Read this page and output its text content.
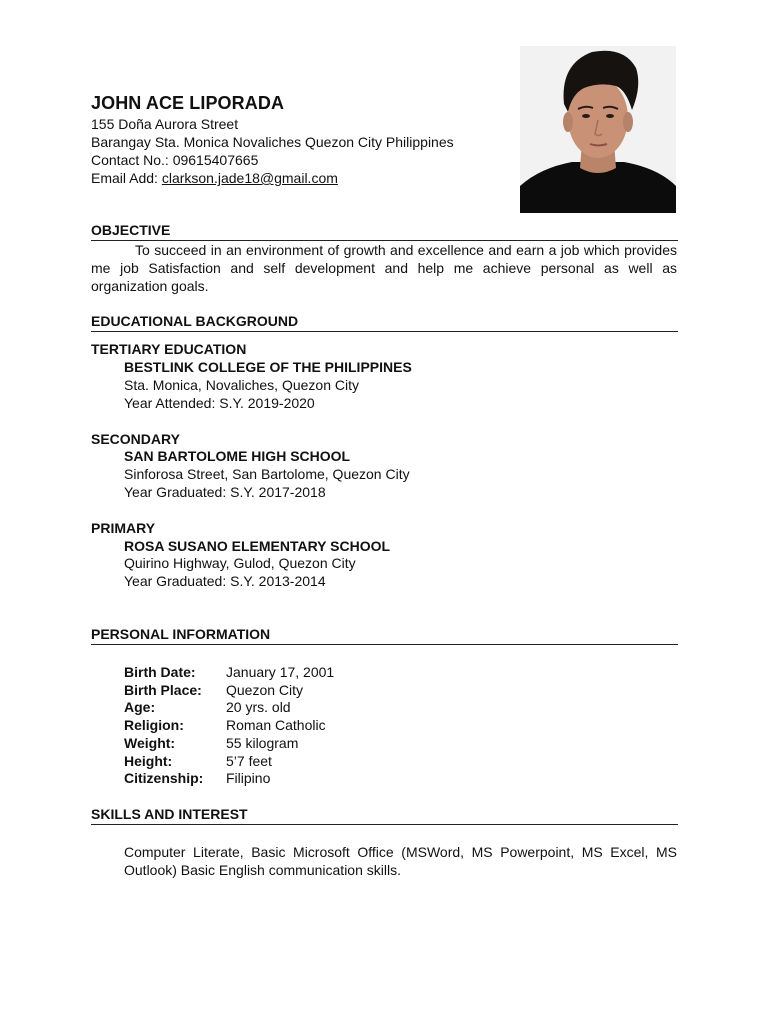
JOHN ACE LIPORADA
155 Doña Aurora Street
Barangay Sta. Monica Novaliches Quezon City Philippines
Contact No.: 09615407665
Email Add: clarkson.jade18@gmail.com
OBJECTIVE
To succeed in an environment of growth and excellence and earn a job which provides me job Satisfaction and self development and help me achieve personal as well as organization goals.
EDUCATIONAL BACKGROUND
TERTIARY EDUCATION
BESTLINK COLLEGE OF THE PHILIPPINES
Sta. Monica, Novaliches, Quezon City
Year Attended: S.Y. 2019-2020
SECONDARY
SAN BARTOLOME HIGH SCHOOL
Sinforosa Street, San Bartolome, Quezon City
Year Graduated: S.Y. 2017-2018
PRIMARY
ROSA SUSANO ELEMENTARY SCHOOL
Quirino Highway, Gulod, Quezon City
Year Graduated: S.Y. 2013-2014
PERSONAL INFORMATION
Birth Date: January 17, 2001
Birth Place: Quezon City
Age:	20 yrs. old
Religion:	Roman Catholic
Weight:	55 kilogram
Height:	5’7 feet
Citizenship: Filipino
SKILLS AND INTEREST
Computer Literate, Basic Microsoft Office (MSWord, MS Powerpoint, MS Excel, MS Outlook) Basic English communication skills.
